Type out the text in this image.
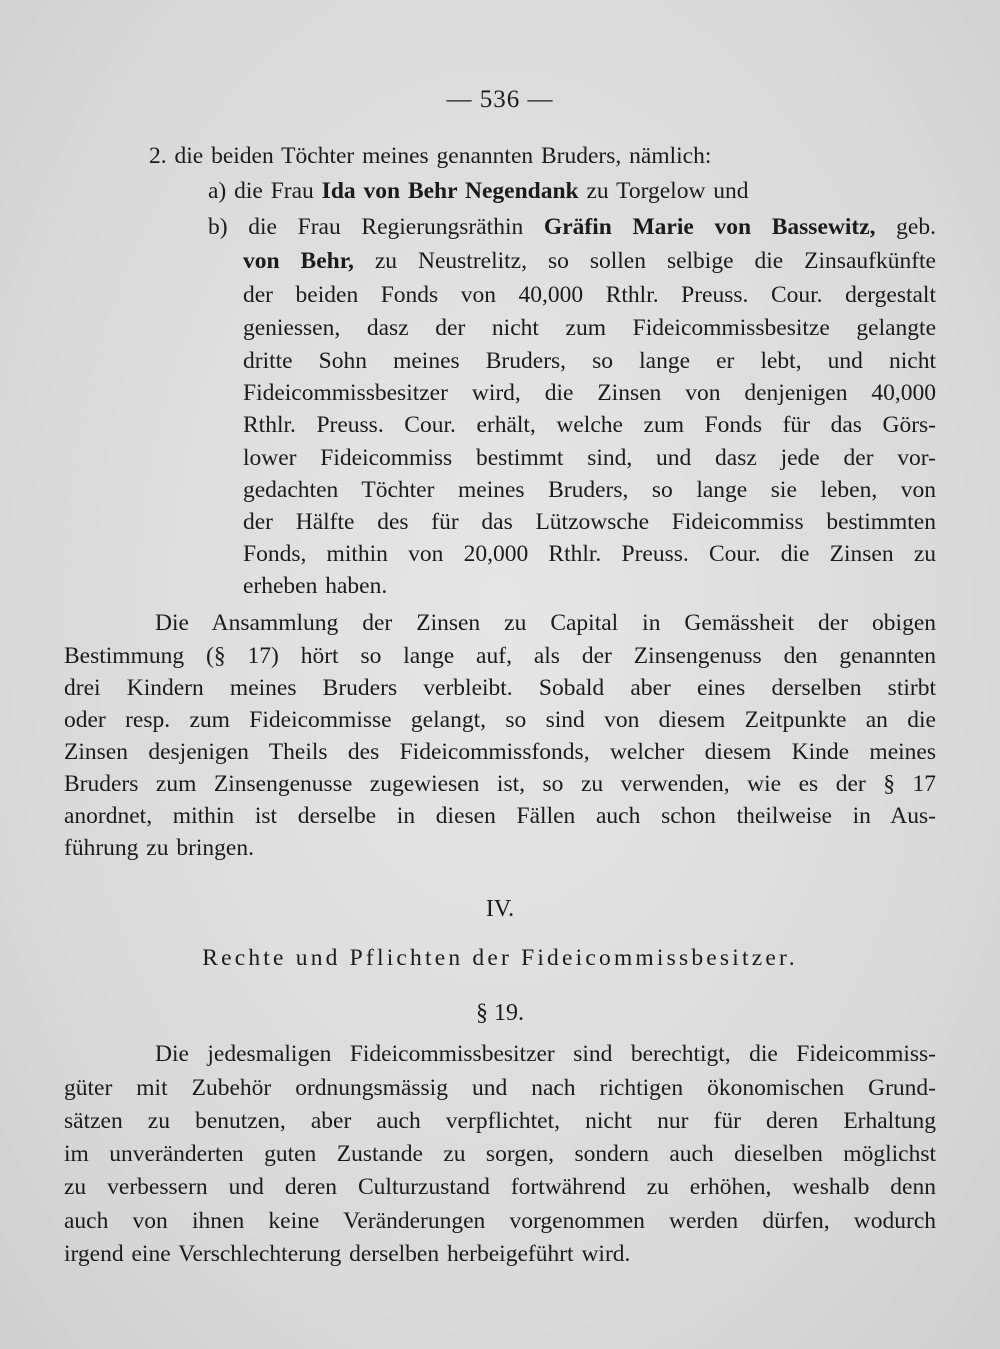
— 536 —
2. die beiden Töchter meines genannten Bruders, nämlich:
a) die Frau Ida von Behr Negendank zu Torgelow und
b) die Frau Regierungsräthin Gräfin Marie von Bassewitz, geb.
von Behr, zu Neustrelitz, so sollen selbige die Zinsaufkünfte
der beiden Fonds von 40,000 Rthlr. Preuss. Cour. dergestalt
geniessen, dasz der nicht zum Fideicommissbesitze gelangte
dritte Sohn meines Bruders, so lange er lebt, und nicht
Fideicommissbesitzer wird, die Zinsen von denjenigen 40,000
Rthlr. Preuss. Cour. erhält, welche zum Fonds für das Görs-
lower Fideicommiss bestimmt sind, und dasz jede der vor-
gedachten Töchter meines Bruders, so lange sie leben, von
der Hälfte des für das Lützowsche Fideicommiss bestimmten
Fonds, mithin von 20,000 Rthlr. Preuss. Cour. die Zinsen zu
erheben haben.
Die Ansammlung der Zinsen zu Capital in Gemässheit der obigen
Bestimmung (§ 17) hört so lange auf, als der Zinsengenuss den genannten
drei Kindern meines Bruders verbleibt. Sobald aber eines derselben stirbt
oder resp. zum Fideicommisse gelangt, so sind von diesem Zeitpunkte an die
Zinsen desjenigen Theils des Fideicommissfonds, welcher diesem Kinde meines
Bruders zum Zinsengenusse zugewiesen ist, so zu verwenden, wie es der § 17
anordnet, mithin ist derselbe in diesen Fällen auch schon theilweise in Aus-
führung zu bringen.
IV.
Rechte und Pflichten der Fideicommissbesitzer.
§ 19.
Die jedesmaligen Fideicommissbesitzer sind berechtigt, die Fideicommiss-
güter mit Zubehör ordnungsmässig und nach richtigen ökonomischen Grund-
sätzen zu benutzen, aber auch verpflichtet, nicht nur für deren Erhaltung
im unveränderten guten Zustande zu sorgen, sondern auch dieselben möglichst
zu verbessern und deren Culturzustand fortwährend zu erhöhen, weshalb denn
auch von ihnen keine Veränderungen vorgenommen werden dürfen, wodurch
irgend eine Verschlechterung derselben herbeigeführt wird.
